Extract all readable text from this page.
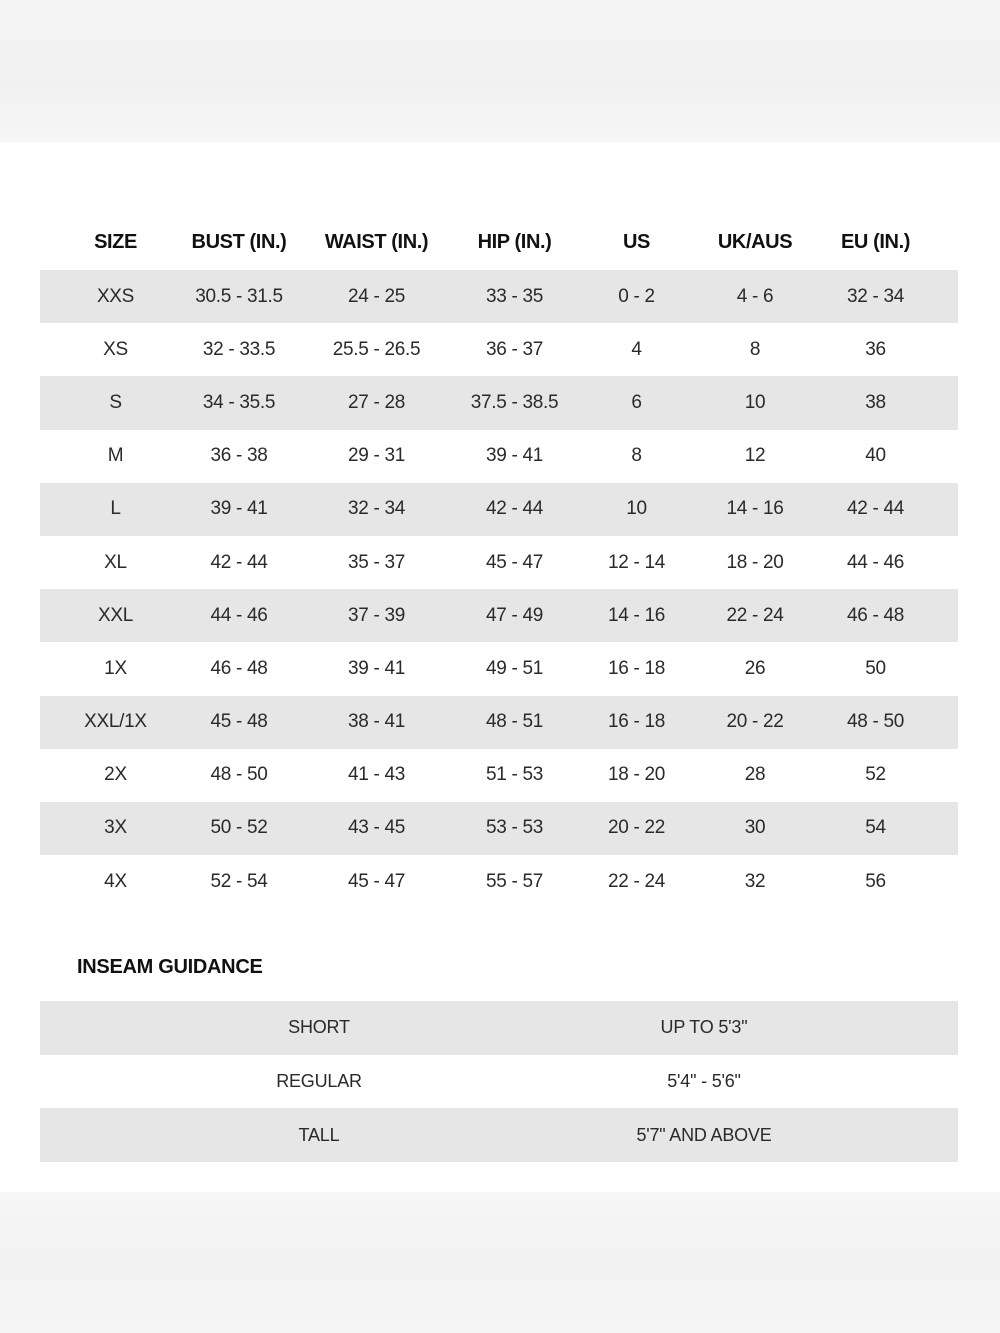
SIZE	BUST (IN.)	WAIST (IN.)	HIP (IN.)	US	UK/AUS	EU (IN.)
XXS	30.5 - 31.5	24 - 25	33 - 35	0 - 2	4 - 6	32 - 34
XS	32 - 33.5	25.5 - 26.5	36 - 37	4	8	36
S	34 - 35.5	27 - 28	37.5 - 38.5	6	10	38
M	36 - 38	29 - 31	39 - 41	8	12	40
L	39 - 41	32 - 34	42 - 44	10	14 - 16	42 - 44
XL	42 - 44	35 - 37	45 - 47	12 - 14	18 - 20	44 - 46
XXL	44 - 46	37 - 39	47 - 49	14 - 16	22 - 24	46 - 48
1X	46 - 48	39 - 41	49 - 51	16 - 18	26	50
XXL/1X	45 - 48	38 - 41	48 - 51	16 - 18	20 - 22	48 - 50
2X	48 - 50	41 - 43	51 - 53	18 - 20	28	52
3X	50 - 52	43 - 45	53 - 53	20 - 22	30	54
4X	52 - 54	45 - 47	55 - 57	22 - 24	32	56
INSEAM GUIDANCE
SHORT	UP TO 5'3"
REGULAR	5'4" - 5'6"
TALL	5'7" AND ABOVE
